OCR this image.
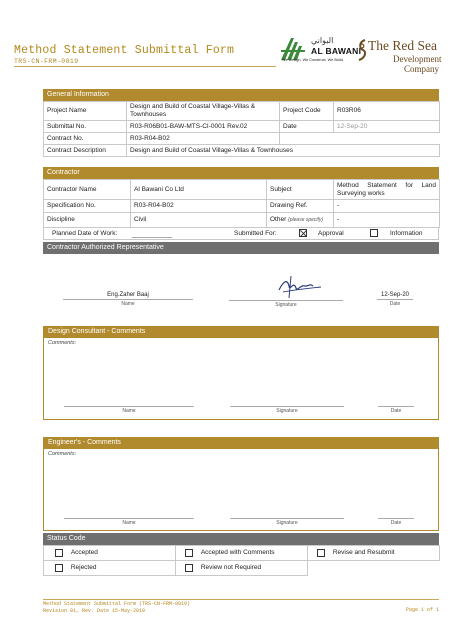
Method Statement Submittal Form
TRS-CN-FRM-0019
البواني
AL BAWANI
We Design. We Construct. We Build.
The Red Sea
Development
Company
General Information
Project Name	Design and Build of Coastal Village-Villas & Townhouses	Project Code	R03R06
Submittal No.	R03-R06B01-BAW-MTS-CI-0001 Rev.02	Date	12-Sep-20
Contract No.	R03-R04-B02		
Contract Description	Design and Build of Coastal Village-Villas & Townhouses		
Contractor
Contractor Name	Al Bawani Co Ltd	Subject	Method Statement for Land Surveying works
Specification No.	R03-R04-B02	Drawing Ref.	-
Discipline	Civil	Other (please specify)	-
Planned Date of Work:	Submitted For:	Approval	Information
Contractor Authorized Representative
Eng.Zaher Baaj
Name	Signature
12-Sep-20
Date
Design Consultant - Comments
Comments:
Name	Signature	Date
Engineer's - Comments
Comments:
Name	Signature	Date
Status Code
Accepted	Accepted with Comments	Revise and Resubmit
Rejected	Review not Required	
Method Statement Submittal Form (TRS-CN-FRM-0019)
Revision 01, Rev. Date 15-May-2019	Page 1 of 1
